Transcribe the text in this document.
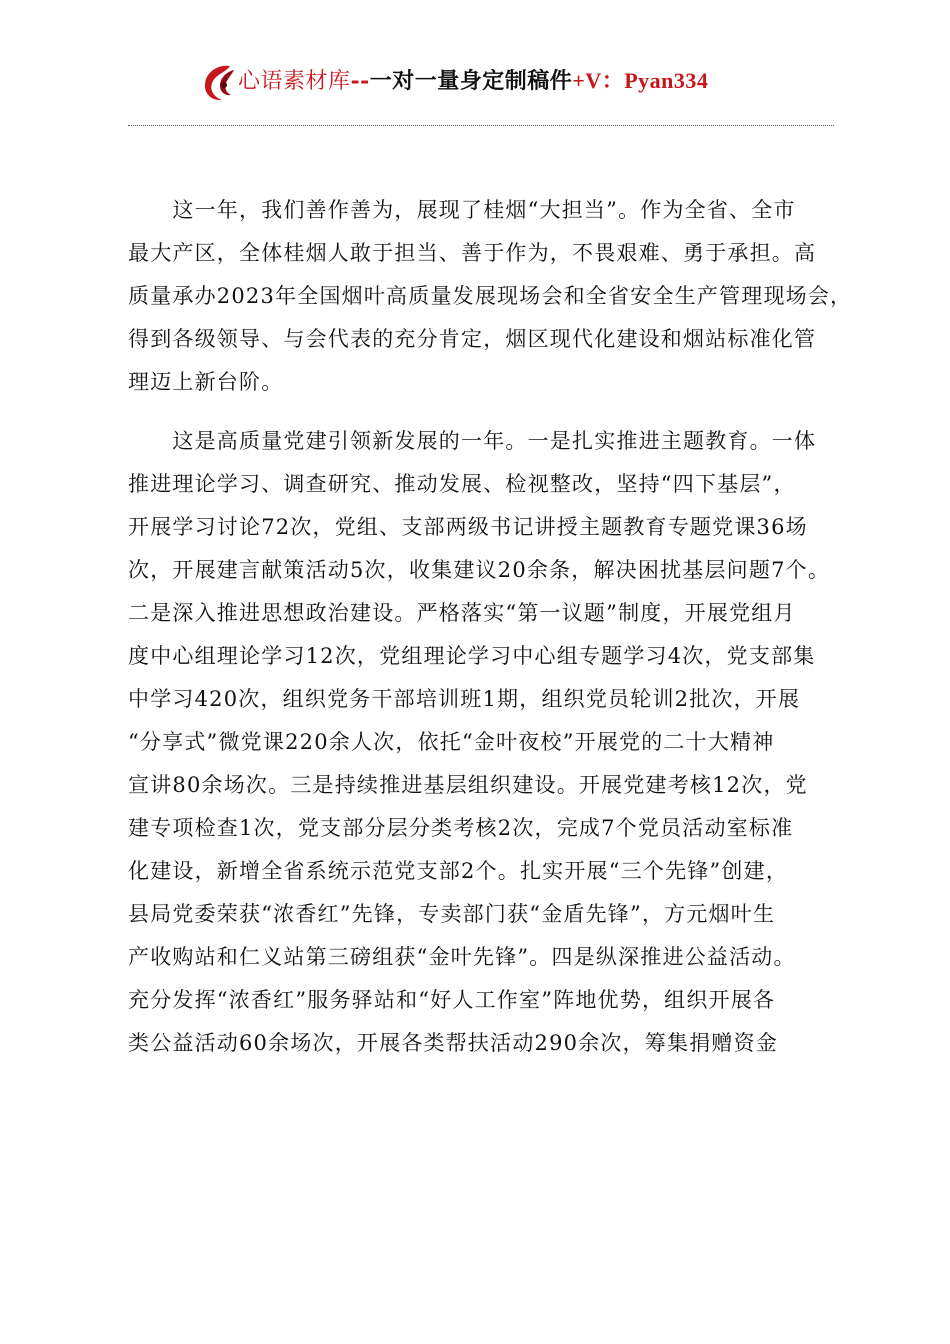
心语素材库--一对一量身定制稿件+V：Pyan334
　　这一年，我们善作善为，展现了桂烟“大担当”。作为全省、全市
最大产区，全体桂烟人敢于担当、善于作为，不畏艰难、勇于承担。高
质量承办2023年全国烟叶高质量发展现场会和全省安全生产管理现场会，
得到各级领导、与会代表的充分肯定，烟区现代化建设和烟站标准化管
理迈上新台阶。
　　这是高质量党建引领新发展的一年。一是扎实推进主题教育。一体
推进理论学习、调查研究、推动发展、检视整改，坚持“四下基层”，
开展学习讨论72次，党组、支部两级书记讲授主题教育专题党课36场
次，开展建言献策活动5次，收集建议20余条，解决困扰基层问题7个。
二是深入推进思想政治建设。严格落实“第一议题”制度，开展党组月
度中心组理论学习12次，党组理论学习中心组专题学习4次，党支部集
中学习420次，组织党务干部培训班1期，组织党员轮训2批次，开展
“分享式”微党课220余人次，依托“金叶夜校”开展党的二十大精神
宣讲80余场次。三是持续推进基层组织建设。开展党建考核12次，党
建专项检查1次，党支部分层分类考核2次，完成7个党员活动室标准
化建设，新增全省系统示范党支部2个。扎实开展“三个先锋”创建，
县局党委荣获“浓香红”先锋，专卖部门获“金盾先锋”，方元烟叶生
产收购站和仁义站第三磅组获“金叶先锋”。四是纵深推进公益活动。
充分发挥“浓香红”服务驿站和“好人工作室”阵地优势，组织开展各
类公益活动60余场次，开展各类帮扶活动290余次，筹集捐赠资金
